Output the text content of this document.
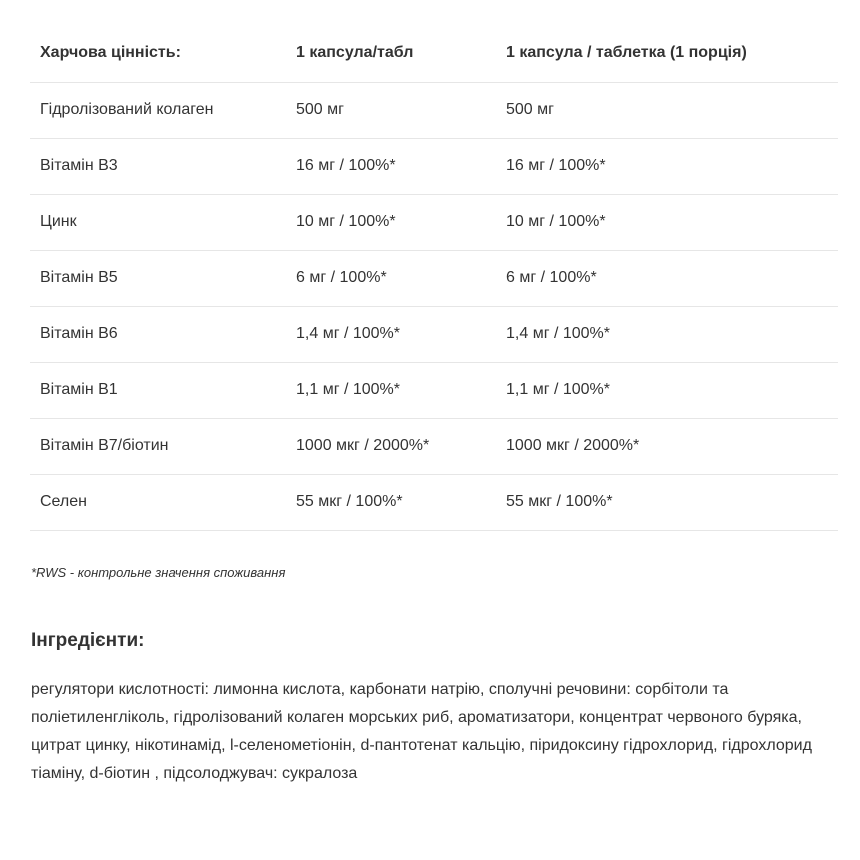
Харчова цінність:	1 капсула/табл	1 капсула / таблетка (1 порція)
Гідролізований колаген	500 мг	500 мг
Вітамін В3	16 мг / 100%*	16 мг / 100%*
Цинк	10 мг / 100%*	10 мг / 100%*
Вітамін В5	6 мг / 100%*	6 мг / 100%*
Вітамін В6	1,4 мг / 100%*	1,4 мг / 100%*
Вітамін В1	1,1 мг / 100%*	1,1 мг / 100%*
Вітамін В7/біотин	1000 мкг / 2000%*	1000 мкг / 2000%*
Селен	55 мкг / 100%*	55 мкг / 100%*

*RWS - контрольне значення споживання

Інгредієнти:

регулятори кислотності: лимонна кислота, карбонати натрію, сполучні речовини: сорбітоли та поліетиленгліколь, гідролізований колаген морських риб, ароматизатори, концентрат червоного буряка, цитрат цинку, нікотинамід, l-селенометіонін, d-пантотенат кальцію, піридоксину гідрохлорид, гідрохлорид тіаміну, d-біотин , підсолоджувач: сукралоза
